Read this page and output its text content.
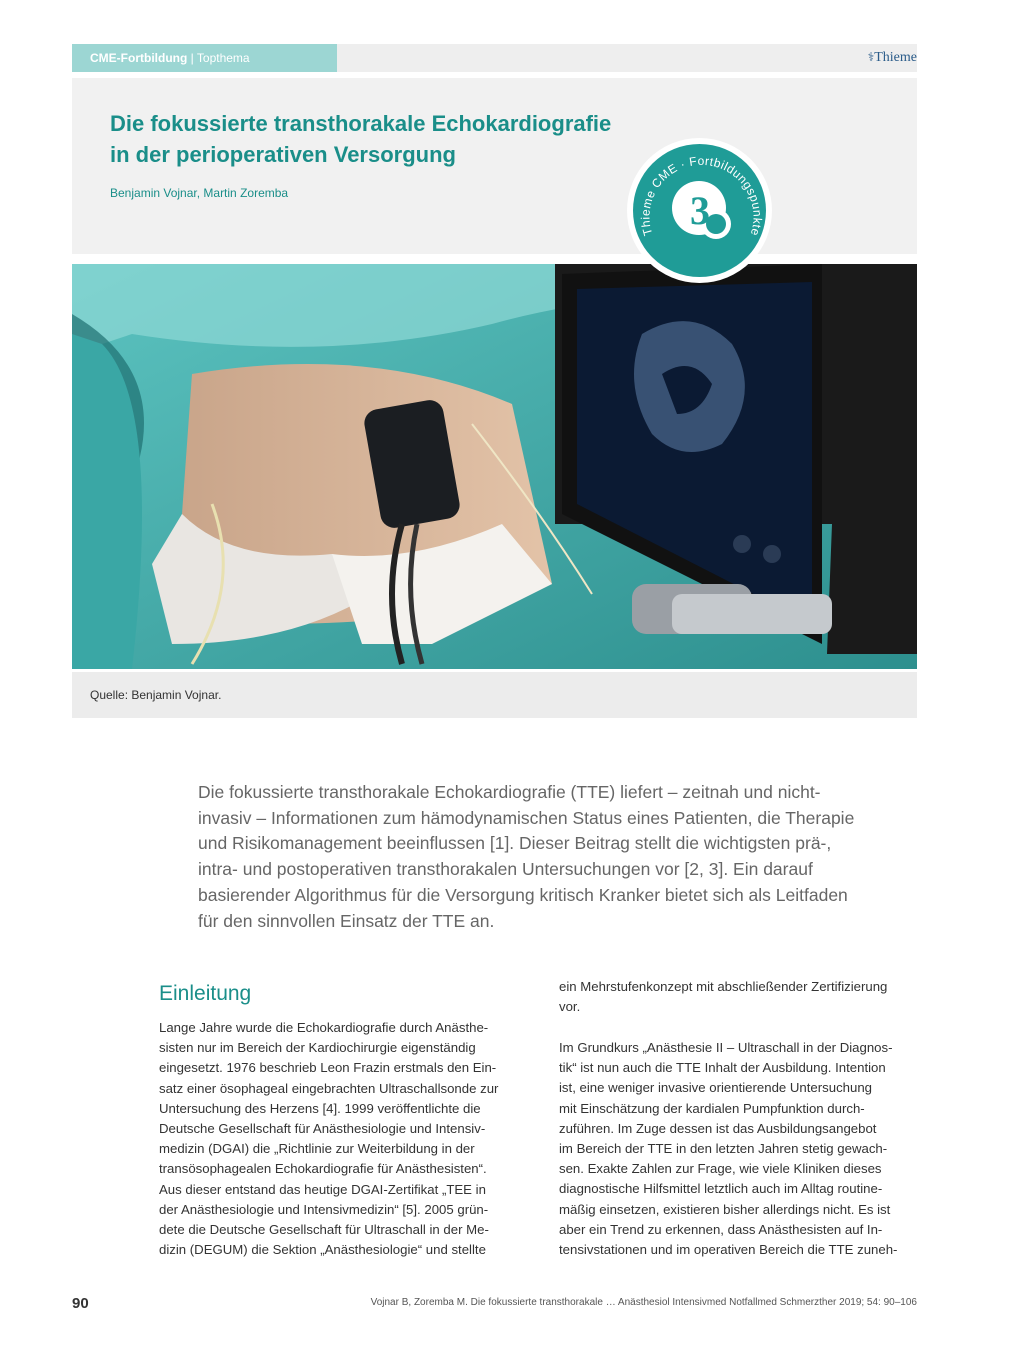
CME-Fortbildung | Topthema	⚕Thieme
Die fokussierte transthorakale Echokardiografie
in der perioperativen Versorgung
Benjamin Vojnar, Martin Zoremba
Thieme CME · Fortbildungspunkte
3
Quelle: Benjamin Vojnar.
Die fokussierte transthorakale Echokardiografie (TTE) liefert – zeitnah und nicht-
invasiv – Informationen zum hämodynamischen Status eines Patienten, die Therapie
und Risikomanagement beeinflussen [1]. Dieser Beitrag stellt die wichtigsten prä-,
intra- und postoperativen transthorakalen Untersuchungen vor [2, 3]. Ein darauf
basierender Algorithmus für die Versorgung kritisch Kranker bietet sich als Leitfaden
für den sinnvollen Einsatz der TTE an.
Einleitung
Lange Jahre wurde die Echokardiografie durch Anästhe-
sisten nur im Bereich der Kardiochirurgie eigenständig
eingesetzt. 1976 beschrieb Leon Frazin erstmals den Ein-
satz einer ösophageal eingebrachten Ultraschallsonde zur
Untersuchung des Herzens [4]. 1999 veröffentlichte die
Deutsche Gesellschaft für Anästhesiologie und Intensiv-
medizin (DGAI) die „Richtlinie zur Weiterbildung in der
transösophagealen Echokardiografie für Anästhesisten“.
Aus dieser entstand das heutige DGAI-Zertifikat „TEE in
der Anästhesiologie und Intensivmedizin“ [5]. 2005 grün-
dete die Deutsche Gesellschaft für Ultraschall in der Me-
dizin (DEGUM) die Sektion „Anästhesiologie“ und stellte
ein Mehrstufenkonzept mit abschließender Zertifizierung
vor.
Im Grundkurs „Anästhesie II – Ultraschall in der Diagnos-
tik“ ist nun auch die TTE Inhalt der Ausbildung. Intention
ist, eine weniger invasive orientierende Untersuchung
mit Einschätzung der kardialen Pumpfunktion durch-
zuführen. Im Zuge dessen ist das Ausbildungsangebot
im Bereich der TTE in den letzten Jahren stetig gewach-
sen. Exakte Zahlen zur Frage, wie viele Kliniken dieses
diagnostische Hilfsmittel letztlich auch im Alltag routine-
mäßig einsetzen, existieren bisher allerdings nicht. Es ist
aber ein Trend zu erkennen, dass Anästhesisten auf In-
tensivstationen und im operativen Bereich die TTE zuneh-
90	Vojnar B, Zoremba M. Die fokussierte transthorakale … Anästhesiol Intensivmed Notfallmed Schmerzther 2019; 54: 90–106
